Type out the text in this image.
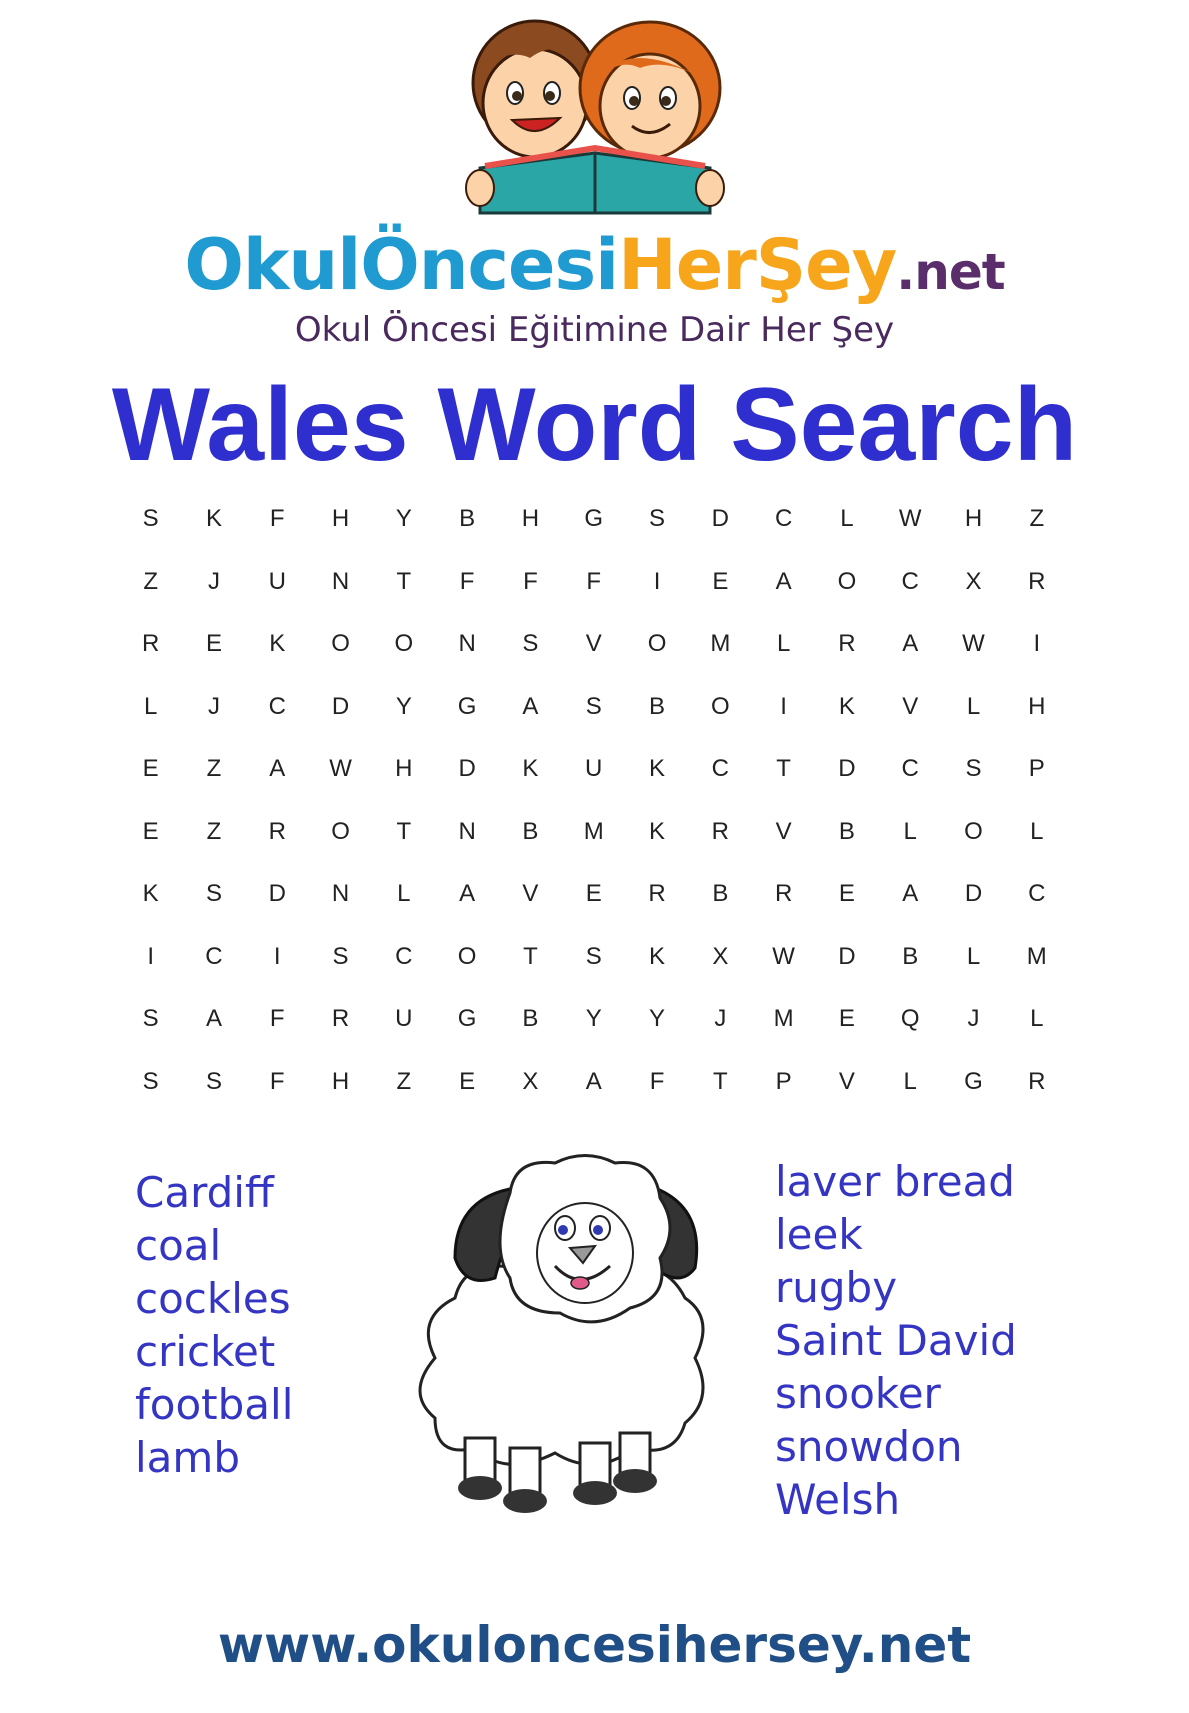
OkulÖncesiHerŞey.net
Okul Öncesi Eğitimine Dair Her Şey
Wales Word Search
S	K	F	H	Y	B	H	G	S	D	C	L	W	H	Z
Z	J	U	N	T	F	F	F	I	E	A	O	C	X	R
R	E	K	O	O	N	S	V	O	M	L	R	A	W	I
L	J	C	D	Y	G	A	S	B	O	I	K	V	L	H
E	Z	A	W	H	D	K	U	K	C	T	D	C	S	P
E	Z	R	O	T	N	B	M	K	R	V	B	L	O	L
K	S	D	N	L	A	V	E	R	B	R	E	A	D	C
I	C	I	S	C	O	T	S	K	X	W	D	B	L	M
S	A	F	R	U	G	B	Y	Y	J	M	E	Q	J	L
S	S	F	H	Z	E	X	A	F	T	P	V	L	G	R
Cardiff
coal
cockles
cricket
football
lamb
laver bread
leek
rugby
Saint David
snooker
snowdon
Welsh
www.okuloncesihersey.net
